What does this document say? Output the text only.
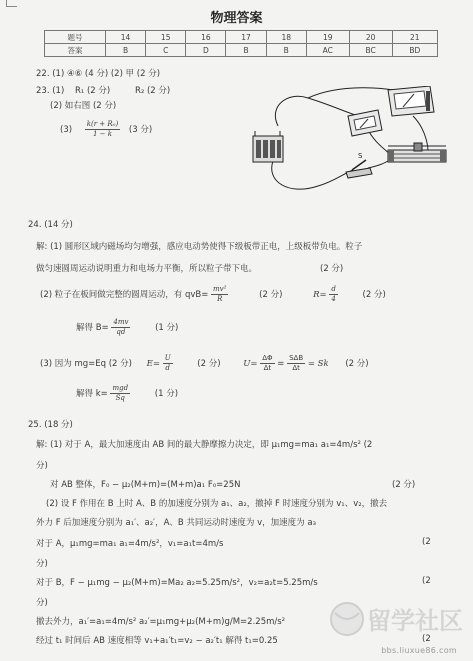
物理答案
题号	14	15	16	17	18	19	20	21
答案	B	C	D	B	B	AC	BC	BD
22. (1) ④⑥ (4 分) (2) 甲 (2 分)
23. (1) R₁ (2 分)	R₂ (2 分)
(2) 如右图 (2 分)
$(3) \frac{\text{k(r + R₀)}}{1 - k} (3$ 分)
S
24. (14 分)
解: (1) 圆形区域内磁场均匀增强，感应电动势使得下级板带正电，上级板带负电。粒子
做匀速圆周运动说明重力和电场力平衡，所以粒子带下电。	(2 分)
(2) 粒子在板间做完整的圆周运动，有 $qvB= \frac{\text{mv²}}{R}$	(2 分)	$R= \frac{d}{4}$	(2 分)
解得 $B= \frac{4mv}{qd}$	(1 分)
(3) 因为 mg=Eq (2 分) $E= \frac{U}{d}$	(2 分)	$U= \frac{\Delta\Phi}{\Delta t} = \frac{\text{SΔB}}{\Delta t} = Sk$ (2 分)
解得 $k= \frac{\text{mgd}}{Sq}$	(1 分)
25. (18 分)
解: (1) 对于 A，最大加速度由 AB 间的最大静摩擦力决定，即 μ₁mg=ma₁ a₁=4m/s² (2
分)
对 AB 整体，F₀ − μ₂(M+m)=(M+m)a₁ F₀=25N	(2 分)
(2) 设 F 作用在 B 上时 A、B 的加速度分别为 a₁、a₂，撤掉 F 时速度分别为 v₁、v₂，撤去
外力 F 后加速度分别为 a₁′、a₂′，A、B 共同运动时速度为 v，加速度为 a₃
对于 A，μ₁mg=ma₁ a₁=4m/s²，v₁=a₁t=4m/s	(2
分)
对于 B，F − μ₁mg − μ₂(M+m)=Ma₂ a₂=5.25m/s²，v₂=a₂t=5.25m/s	(2
分)
撤去外力，a₁′=a₁=4m/s² a₂′=μ₁mg+μ₂(M+m)g/M=2.25m/s²
经过 t₁ 时间后 AB 速度相等 v₁+a₁′t₁=v₂ − a₂′t₁ 解得 t₁=0.25	(2
留学社区
bbs.liuxue86.com
